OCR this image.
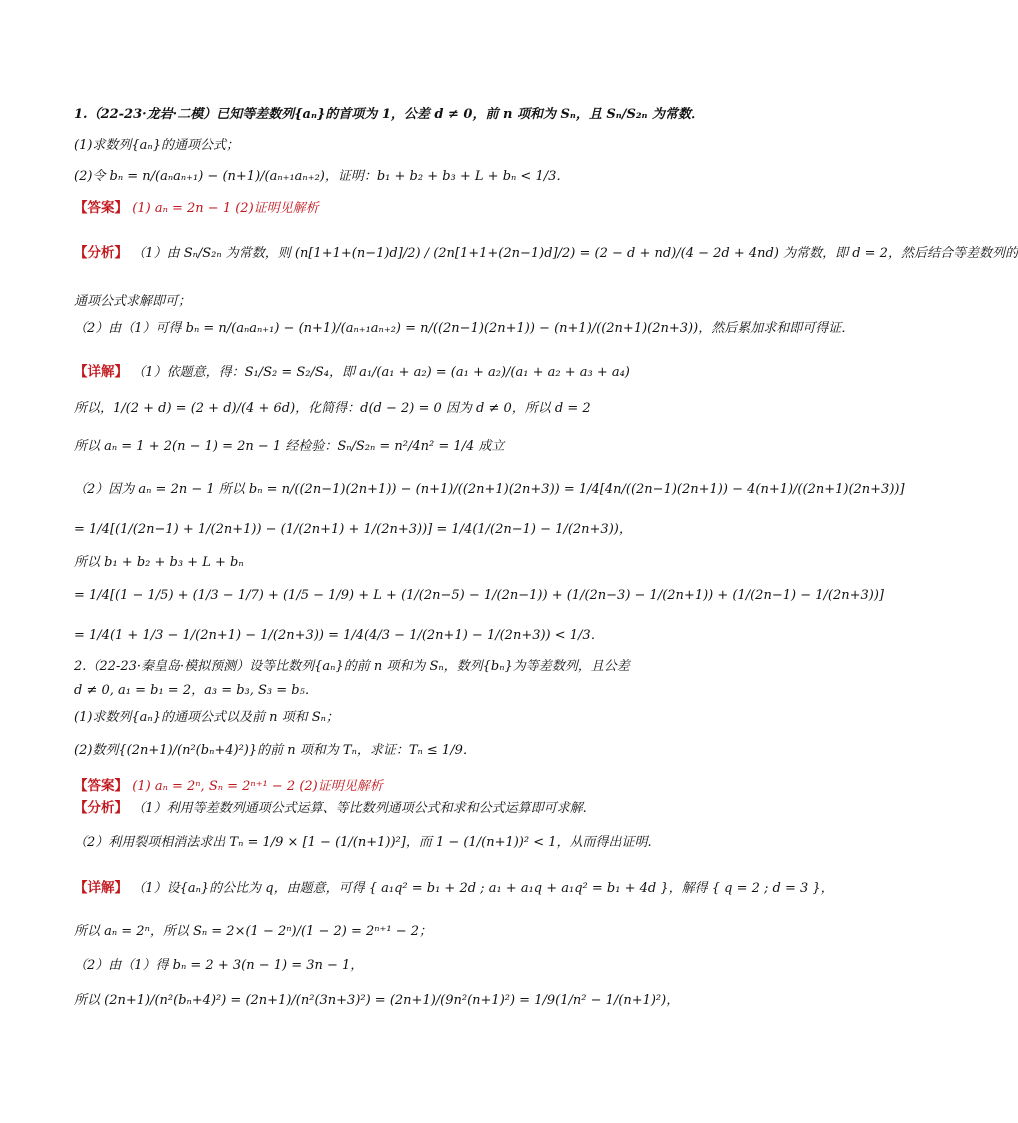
1.（22-23·龙岩·二模）已知等差数列{aₙ}的首项为 1，公差 d ≠ 0，前 n 项和为 Sₙ，且 Sₙ/S₂ₙ 为常数．
(1)求数列{aₙ}的通项公式；
(2)令 bₙ = n/(aₙaₙ₊₁) − (n+1)/(aₙ₊₁aₙ₊₂)，证明：b₁ + b₂ + b₃ + L + bₙ < 1/3．
【答案】 (1) aₙ = 2n − 1 (2)证明见解析
【分析】 （1）由 Sₙ/S₂ₙ 为常数，则 (n[1+1+(n−1)d]/2) / (2n[1+1+(2n−1)d]/2) = (2 − d + nd)/(4 − 2d + 4nd) 为常数，即 d = 2，然后结合等差数列的
通项公式求解即可；
（2）由（1）可得 bₙ = n/(aₙaₙ₊₁) − (n+1)/(aₙ₊₁aₙ₊₂) = n/((2n−1)(2n+1)) − (n+1)/((2n+1)(2n+3))，然后累加求和即可得证．
【详解】 （1）依题意，得：S₁/S₂ = S₂/S₄，即 a₁/(a₁ + a₂) = (a₁ + a₂)/(a₁ + a₂ + a₃ + a₄)
所以，1/(2 + d) = (2 + d)/(4 + 6d)，化简得：d(d − 2) = 0 因为 d ≠ 0，所以 d = 2
所以 aₙ = 1 + 2(n − 1) = 2n − 1 经检验：Sₙ/S₂ₙ = n²/4n² = 1/4 成立
（2）因为 aₙ = 2n − 1 所以 bₙ = n/((2n−1)(2n+1)) − (n+1)/((2n+1)(2n+3)) = 1/4[4n/((2n−1)(2n+1)) − 4(n+1)/((2n+1)(2n+3))]
= 1/4[(1/(2n−1) + 1/(2n+1)) − (1/(2n+1) + 1/(2n+3))] = 1/4(1/(2n−1) − 1/(2n+3))，
所以 b₁ + b₂ + b₃ + L + bₙ
= 1/4[(1 − 1/5) + (1/3 − 1/7) + (1/5 − 1/9) + L + (1/(2n−5) − 1/(2n−1)) + (1/(2n−3) − 1/(2n+1)) + (1/(2n−1) − 1/(2n+3))]
= 1/4(1 + 1/3 − 1/(2n+1) − 1/(2n+3)) = 1/4(4/3 − 1/(2n+1) − 1/(2n+3)) < 1/3．
2.（22-23·秦皇岛·模拟预测）设等比数列{aₙ}的前 n 项和为 Sₙ，数列{bₙ}为等差数列，且公差
d ≠ 0, a₁ = b₁ = 2，a₃ = b₃, S₃ = b₅．
(1)求数列{aₙ}的通项公式以及前 n 项和 Sₙ；
(2)数列{(2n+1)/(n²(bₙ+4)²)}的前 n 项和为 Tₙ，求证：Tₙ ≤ 1/9．
【答案】 (1) aₙ = 2ⁿ, Sₙ = 2ⁿ⁺¹ − 2 (2)证明见解析
【分析】 （1）利用等差数列通项公式运算、等比数列通项公式和求和公式运算即可求解.
（2）利用裂项相消法求出 Tₙ = 1/9 × [1 − (1/(n+1))²]，而 1 − (1/(n+1))² < 1，从而得出证明.
【详解】 （1）设{aₙ}的公比为 q，由题意，可得 { a₁q² = b₁ + 2d ; a₁ + a₁q + a₁q² = b₁ + 4d }，解得 { q = 2 ; d = 3 }，
所以 aₙ = 2ⁿ，所以 Sₙ = 2×(1 − 2ⁿ)/(1 − 2) = 2ⁿ⁺¹ − 2；
（2）由（1）得 bₙ = 2 + 3(n − 1) = 3n − 1，
所以 (2n+1)/(n²(bₙ+4)²) = (2n+1)/(n²(3n+3)²) = (2n+1)/(9n²(n+1)²) = 1/9(1/n² − 1/(n+1)²)，
